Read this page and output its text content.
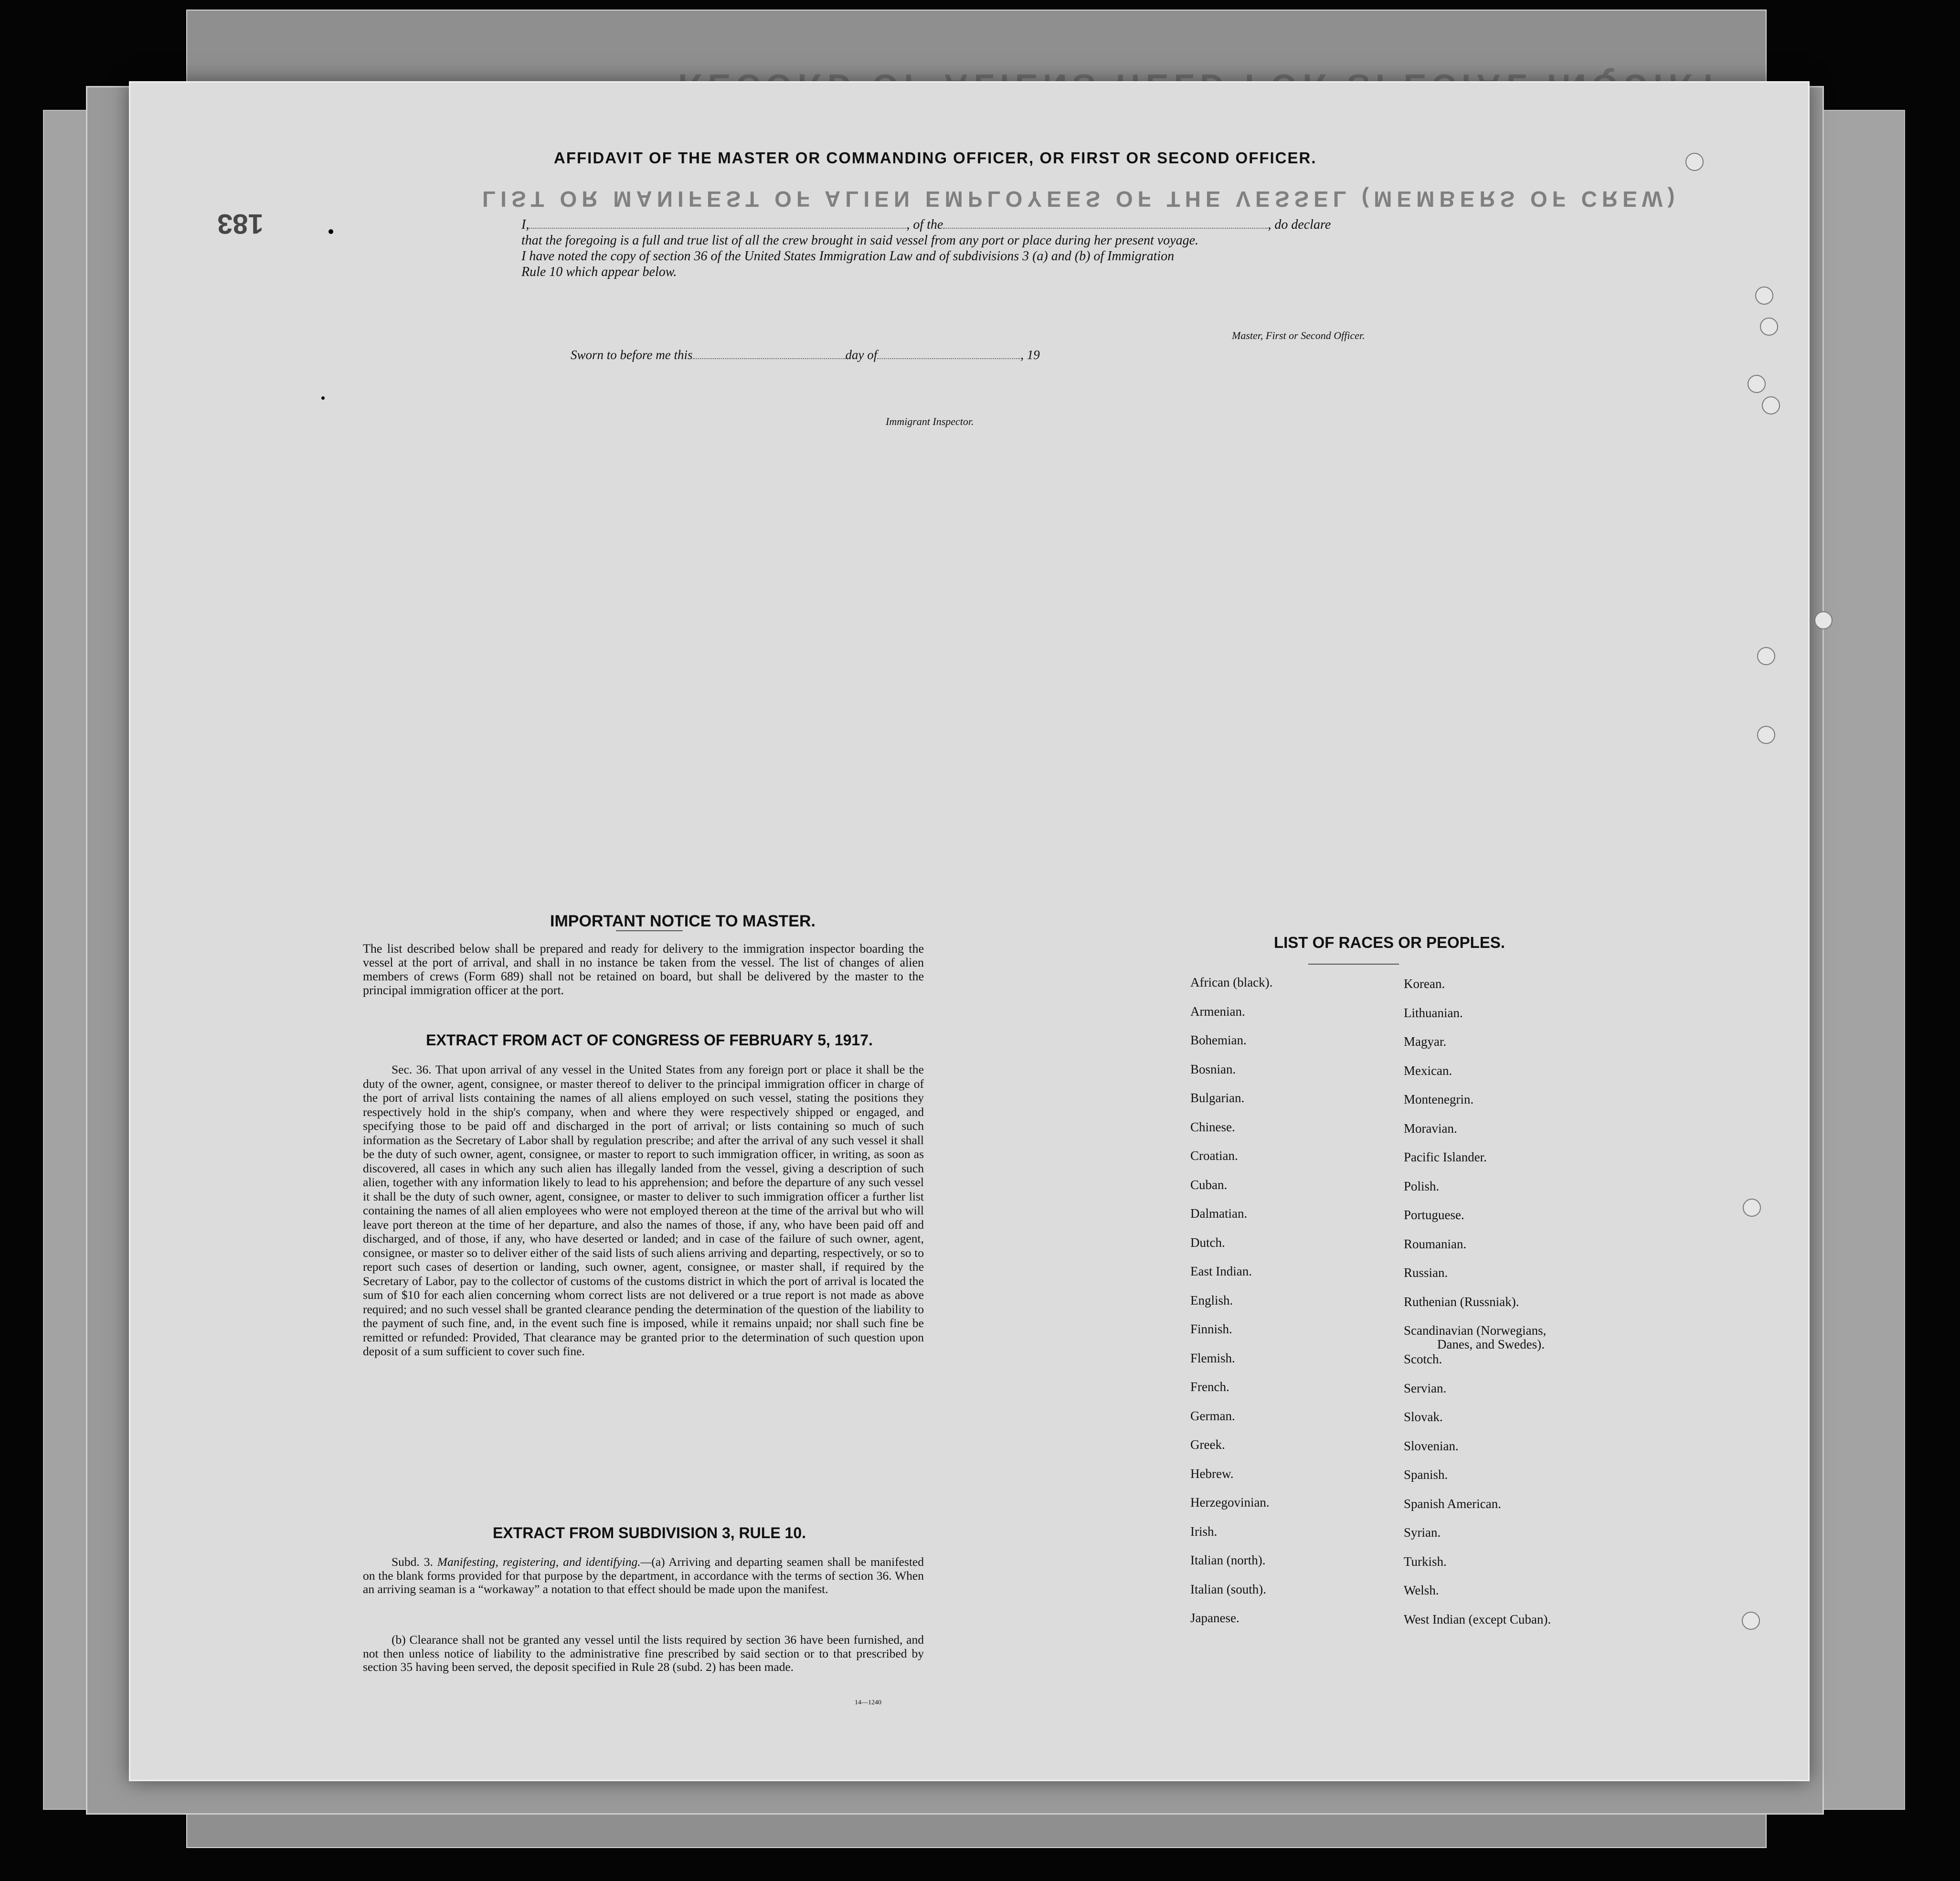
LIST OR MANIFEST OF ALIEN EMPLOYEES OF THE VESSEL (MEMBERS OF CREW)
183
AFFIDAVIT OF THE MASTER OR COMMANDING OFFICER, OR FIRST OR SECOND OFFICER.
I,	, of the	, do declare
that the foregoing is a full and true list of all the crew brought in said vessel from any port or place during her present voyage.
I have noted the copy of section 36 of the United States Immigration Law and of subdivisions 3 (a) and (b) of Immigration
Rule 10 which appear below.
Master, First or Second Officer.
Sworn to before me this	day of	, 19
Immigrant Inspector.
IMPORTANT NOTICE TO MASTER.
The list described below shall be prepared and ready for delivery to the immigration inspector boarding the vessel at the port of arrival, and shall in no instance be taken from the vessel. The list of changes of alien members of crews (Form 689) shall not be retained on board, but shall be delivered by the master to the principal immigration officer at the port.
EXTRACT FROM ACT OF CONGRESS OF FEBRUARY 5, 1917.
Sec. 36. That upon arrival of any vessel in the United States from any foreign port or place it shall be the duty of the owner, agent, consignee, or master thereof to deliver to the principal immigration officer in charge of the port of arrival lists containing the names of all aliens employed on such vessel, stating the positions they respectively hold in the ship's company, when and where they were respectively shipped or engaged, and specifying those to be paid off and discharged in the port of arrival; or lists containing so much of such information as the Secretary of Labor shall by regulation prescribe; and after the arrival of any such vessel it shall be the duty of such owner, agent, consignee, or master to report to such immigration officer, in writing, as soon as discovered, all cases in which any such alien has illegally landed from the vessel, giving a description of such alien, together with any information likely to lead to his apprehension; and before the departure of any such vessel it shall be the duty of such owner, agent, consignee, or master to deliver to such immigration officer a further list containing the names of all alien employees who were not employed thereon at the time of the arrival but who will leave port thereon at the time of her departure, and also the names of those, if any, who have been paid off and discharged, and of those, if any, who have deserted or landed; and in case of the failure of such owner, agent, consignee, or master so to deliver either of the said lists of such aliens arriving and departing, respectively, or so to report such cases of desertion or landing, such owner, agent, consignee, or master shall, if required by the Secretary of Labor, pay to the collector of customs of the customs district in which the port of arrival is located the sum of $10 for each alien concerning whom correct lists are not delivered or a true report is not made as above required; and no such vessel shall be granted clearance pending the determination of the question of the liability to the payment of such fine, and, in the event such fine is imposed, while it remains unpaid; nor shall such fine be remitted or refunded: Provided, That clearance may be granted prior to the determination of such question upon deposit of a sum sufficient to cover such fine.
EXTRACT FROM SUBDIVISION 3, RULE 10.
Subd. 3. Manifesting, registering, and identifying.—(a) Arriving and departing seamen shall be manifested on the blank forms provided for that purpose by the department, in accordance with the terms of section 36. When an arriving seaman is a “workaway” a notation to that effect should be made upon the manifest.
(b) Clearance shall not be granted any vessel until the lists required by section 36 have been furnished, and not then unless notice of liability to the administrative fine prescribed by said section or to that prescribed by section 35 having been served, the deposit specified in Rule 28 (subd. 2) has been made.
14—1240
LIST OF RACES OR PEOPLES.
African (black).
Armenian.
Bohemian.
Bosnian.
Bulgarian.
Chinese.
Croatian.
Cuban.
Dalmatian.
Dutch.
East Indian.
English.
Finnish.
Flemish.
French.
German.
Greek.
Hebrew.
Herzegovinian.
Irish.
Italian (north).
Italian (south).
Japanese.
Korean.
Lithuanian.
Magyar.
Mexican.
Montenegrin.
Moravian.
Pacific Islander.
Polish.
Portuguese.
Roumanian.
Russian.
Ruthenian (Russniak).
Scandinavian (Norwegians,
Danes, and Swedes).
Scotch.
Servian.
Slovak.
Slovenian.
Spanish.
Spanish American.
Syrian.
Turkish.
Welsh.
West Indian (except Cuban).
